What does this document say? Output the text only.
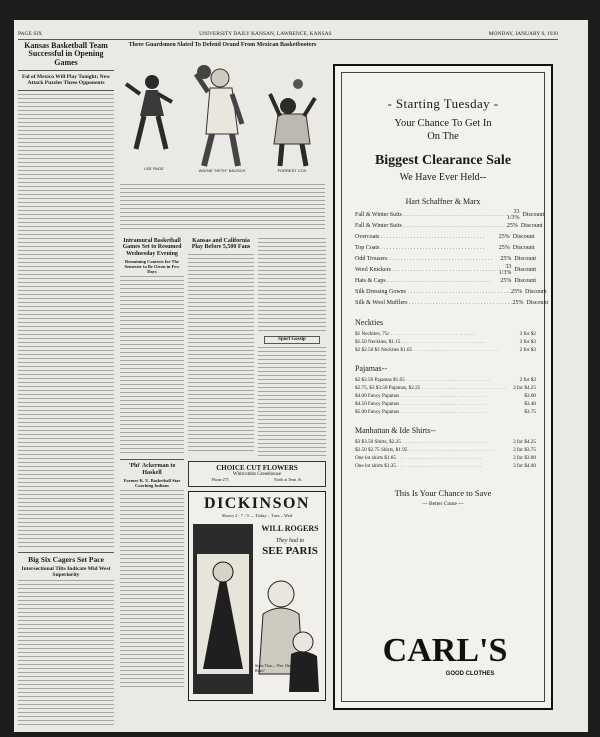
PAGE SIX	UNIVERSITY DAILY KANSAN, LAWRENCE, KANSAS	MONDAY, JANUARY 6, 1930
Kansas Basketball Team Successful in Opening Games
Fal of Mexico Will Play Tonight; New Attack Puzzles Three Opponents
Big Six Cagers Set Pace
Intersectional Tilts Indicate Mid West Superiority
Three Guardsmen Slated To Defend Orand From Mexican Basketbooters
LEE PAGE	WAYNE "HETH" BAUSCH	FORREST COX
Intramural Basketball Games Set to Resumed Wednesday Evening
Remaining Contests for The Semester to Be Given in Few Days
'Phi' Ackerman to Haskell
Former K. U. Basketball Star Coaching Indians
Kansas and California Play Before 5,500 Fans
Sport Gossip
CHOICE CUT FLOWERS
Whitcombs Greenhouse
Phone 275	North at Tenn. St.
DICKINSON
Shows 2 : 7 : 9 — Today – Tues – Wed
WILL ROGERS
They had to
SEE PARIS
Starts Thur— Wm. Haines in "Navy Blues"
- Starting Tuesday -
Your Chance To Get In
On The
Biggest Clearance Sale
We Have Ever Held--
Hart Schaffner & Marx
Fall & Winter Suits . . .	33 1/3% Discount
Fall & Winter Suits . . .	25% Discount
Overcoats . . .	25% Discount
Top Coats . . .	25% Discount
Odd Trousers . . .	25% Discount
Wool Knickers . . .	33 1/3% Discount
Hats & Caps . . .	25% Discount
Silk Dressing Gowns . . .	25% Discount
Silk & Wool Mufflers . . .	25% Discount
Neckties
$1 Neckties, 75c . . .	3 for $2
$1.50 Neckties, $1.15 . . .	3 for $3
$2 $2.50 $3 Neckties $1.65 . . .	2 for $3
Pajamas--
$2 $2.50 Pajamas $1.65 . . .	2 for $3
$2.75, $3 $3.50 Pajamas, $2.25 . . .	2 for $4.25
$4.00 Fancy Pajamas . . .	$3.00
$4.50 Fancy Pajamas . . .	$3.40
$5.00 Fancy Pajamas . . .	$3.75
Manhattan & Ide Shirts--
$3 $3.50 Shirts, $2.25 . . .	2 for $4.25
$2.50 $2.75 Shirts, $1.95 . . .	2 for $3.75
One lot shirts $1.65 . . .	2 for $3.00
One lot shirts $1.35 . . .	3 for $4.00
This Is Your Chance to Save
--- Better Come ---
CARL'S
GOOD CLOTHES
